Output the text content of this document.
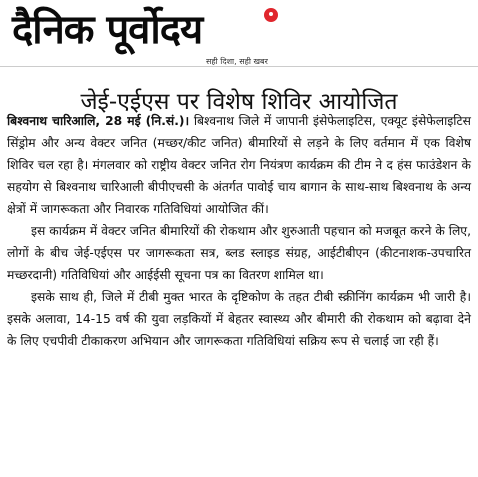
दैनिक पूर्वोदय
सही दिशा, सही खबर
जेई-एईएस पर विशेष शिविर आयोजित

बिश्वनाथ चारिआलि, 28 मई (नि.सं.)। बिश्वनाथ जिले में जापानी इंसेफेलाइटिस, एक्यूट इंसेफेलाइटिस सिंड्रोम और अन्य वेक्टर जनित (मच्छर/कीट जनित) बीमारियों से लड़ने के लिए वर्तमान में एक विशेष शिविर चल रहा है। मंगलवार को राष्ट्रीय वेक्टर जनित रोग नियंत्रण कार्यक्रम की टीम ने द हंस फाउंडेशन के सहयोग से बिश्वनाथ चारिआली बीपीएचसी के अंतर्गत पावोई चाय बागान के साथ-साथ बिश्वनाथ के अन्य क्षेत्रों में जागरूकता और निवारक गतिविधियां आयोजित कीं।

इस कार्यक्रम में वेक्टर जनित बीमारियों की रोकथाम और शुरुआती पहचान को मजबूत करने के लिए, लोगों के बीच जेई-एईएस पर जागरूकता सत्र, ब्लड स्लाइड संग्रह, आईटीबीएन (कीटनाशक-उपचारित मच्छरदानी) गतिविधियां और आईईसी सूचना पत्र का वितरण शामिल था।

इसके साथ ही, जिले में टीबी मुक्त भारत के दृष्टिकोण के तहत टीबी स्क्रीनिंग कार्यक्रम भी जारी है। इसके अलावा, 14-15 वर्ष की युवा लड़कियों में बेहतर स्वास्थ्य और बीमारी की रोकथाम को बढ़ावा देने के लिए एचपीवी टीकाकरण अभियान और जागरूकता गतिविधियां सक्रिय रूप से चलाई जा रही हैं।
